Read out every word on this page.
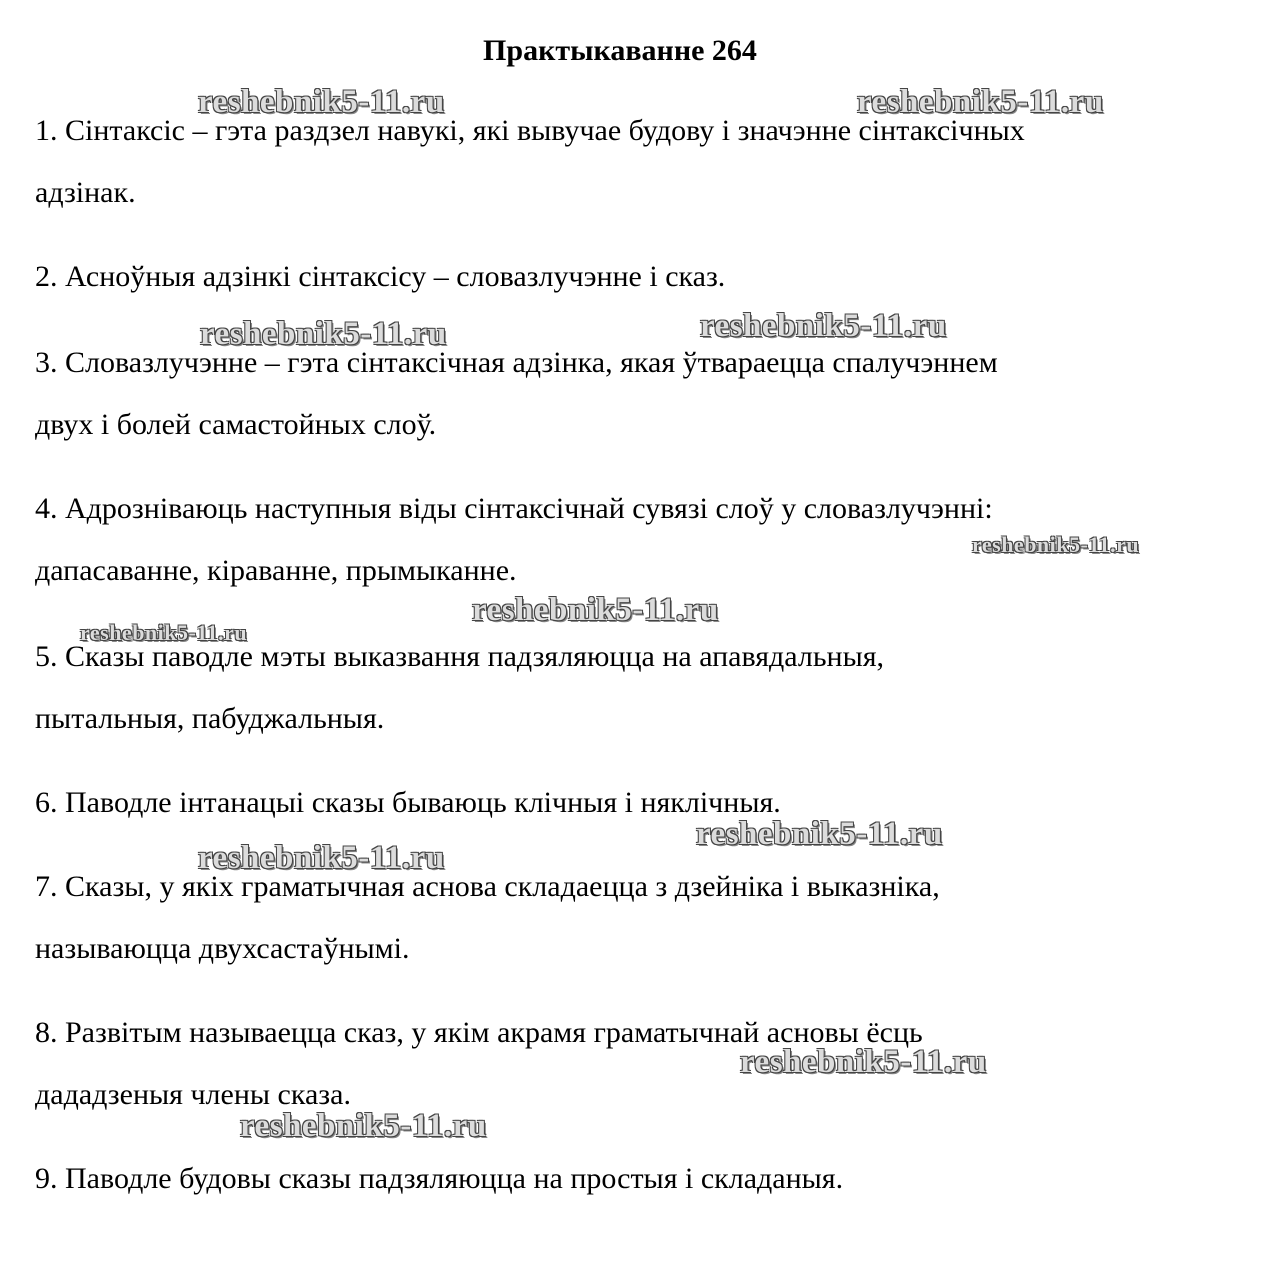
Практыкаванне 264
1. Сінтаксіс – гэта раздзел навукі, які вывучае будову і значэнне сінтаксічных
адзінак.
2. Асноўныя адзінкі сінтаксісу – словазлучэнне і сказ.
3. Словазлучэнне – гэта сінтаксічная адзінка, якая ўтвараецца спалучэннем
двух і болей самастойных слоў.
4. Адрозніваюць наступныя віды сінтаксічнай сувязі слоў у словазлучэнні:
дапасаванне, кіраванне, прымыканне.
5. Сказы паводле мэты выказвання падзяляюцца на апавядальныя,
пытальныя, пабуджальныя.
6. Паводле інтанацыі сказы бываюць клічныя і няклічныя.
7. Сказы, у якіх граматычная аснова складаецца з дзейніка і выказніка,
называюцца двухсастаўнымі.
8. Развітым называецца сказ, у якім акрамя граматычнай асновы ёсць
дададзеныя члены сказа.
9. Паводле будовы сказы падзяляюцца на простыя і складаныя.
reshebnik5-11.ru	reshebnik5-11.ru
reshebnik5-11.ru	reshebnik5-11.ru
reshebnik5-11.ru
reshebnik5-11.ru
reshebnik5-11.ru
reshebnik5-11.ru
reshebnik5-11.ru
reshebnik5-11.ru
reshebnik5-11.ru
